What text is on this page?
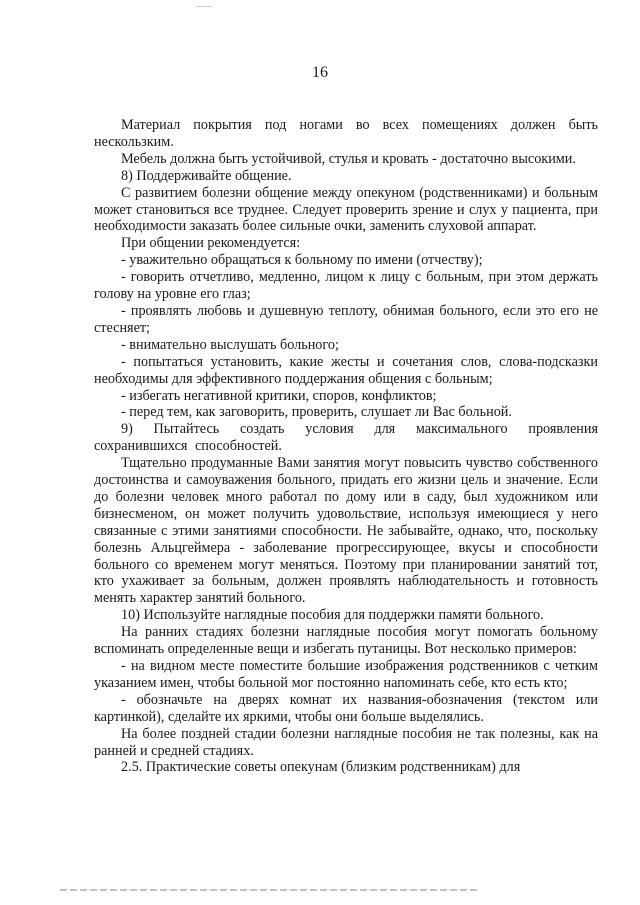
16

Материал покрытия под ногами во всех помещениях должен быть нескользким.

Мебель должна быть устойчивой, стулья и кровать - достаточно высокими.

8) Поддерживайте общение.

С развитием болезни общение между опекуном (родственниками) и больным может становиться все труднее. Следует проверить зрение и слух у пациента, при необходимости заказать более сильные очки, заменить слуховой аппарат.

При общении рекомендуется:

- уважительно обращаться к больному по имени (отчеству);

- говорить отчетливо, медленно, лицом к лицу с больным, при этом держать голову на уровне его глаз;

- проявлять любовь и душевную теплоту, обнимая больного, если это его не стесняет;

- внимательно выслушать больного;

- попытаться установить, какие жесты и сочетания слов, слова-подсказки необходимы для эффективного поддержания общения с больным;

- избегать негативной критики, споров, конфликтов;

- перед тем, как заговорить, проверить, слушает ли Вас больной.

9) Пытайтесь создать условия для максимального проявления сохранившихся способностей.

Тщательно продуманные Вами занятия могут повысить чувство собственного достоинства и самоуважения больного, придать его жизни цель и значение. Если до болезни человек много работал по дому или в саду, был художником или бизнесменом, он может получить удовольствие, используя имеющиеся у него связанные с этими занятиями способности. Не забывайте, однако, что, поскольку болезнь Альцгеймера - заболевание прогрессирующее, вкусы и способности больного со временем могут меняться. Поэтому при планировании занятий тот, кто ухаживает за больным, должен проявлять наблюдательность и готовность менять характер занятий больного.

10) Используйте наглядные пособия для поддержки памяти больного.

На ранних стадиях болезни наглядные пособия могут помогать больному вспоминать определенные вещи и избегать путаницы. Вот несколько примеров:

- на видном месте поместите большие изображения родственников с четким указанием имен, чтобы больной мог постоянно напоминать себе, кто есть кто;

- обозначьте на дверях комнат их названия-обозначения (текстом или картинкой), сделайте их яркими, чтобы они больше выделялись.

На более поздней стадии болезни наглядные пособия не так полезны, как на ранней и средней стадиях.

2.5. Практические советы опекунам (близким родственникам) для
